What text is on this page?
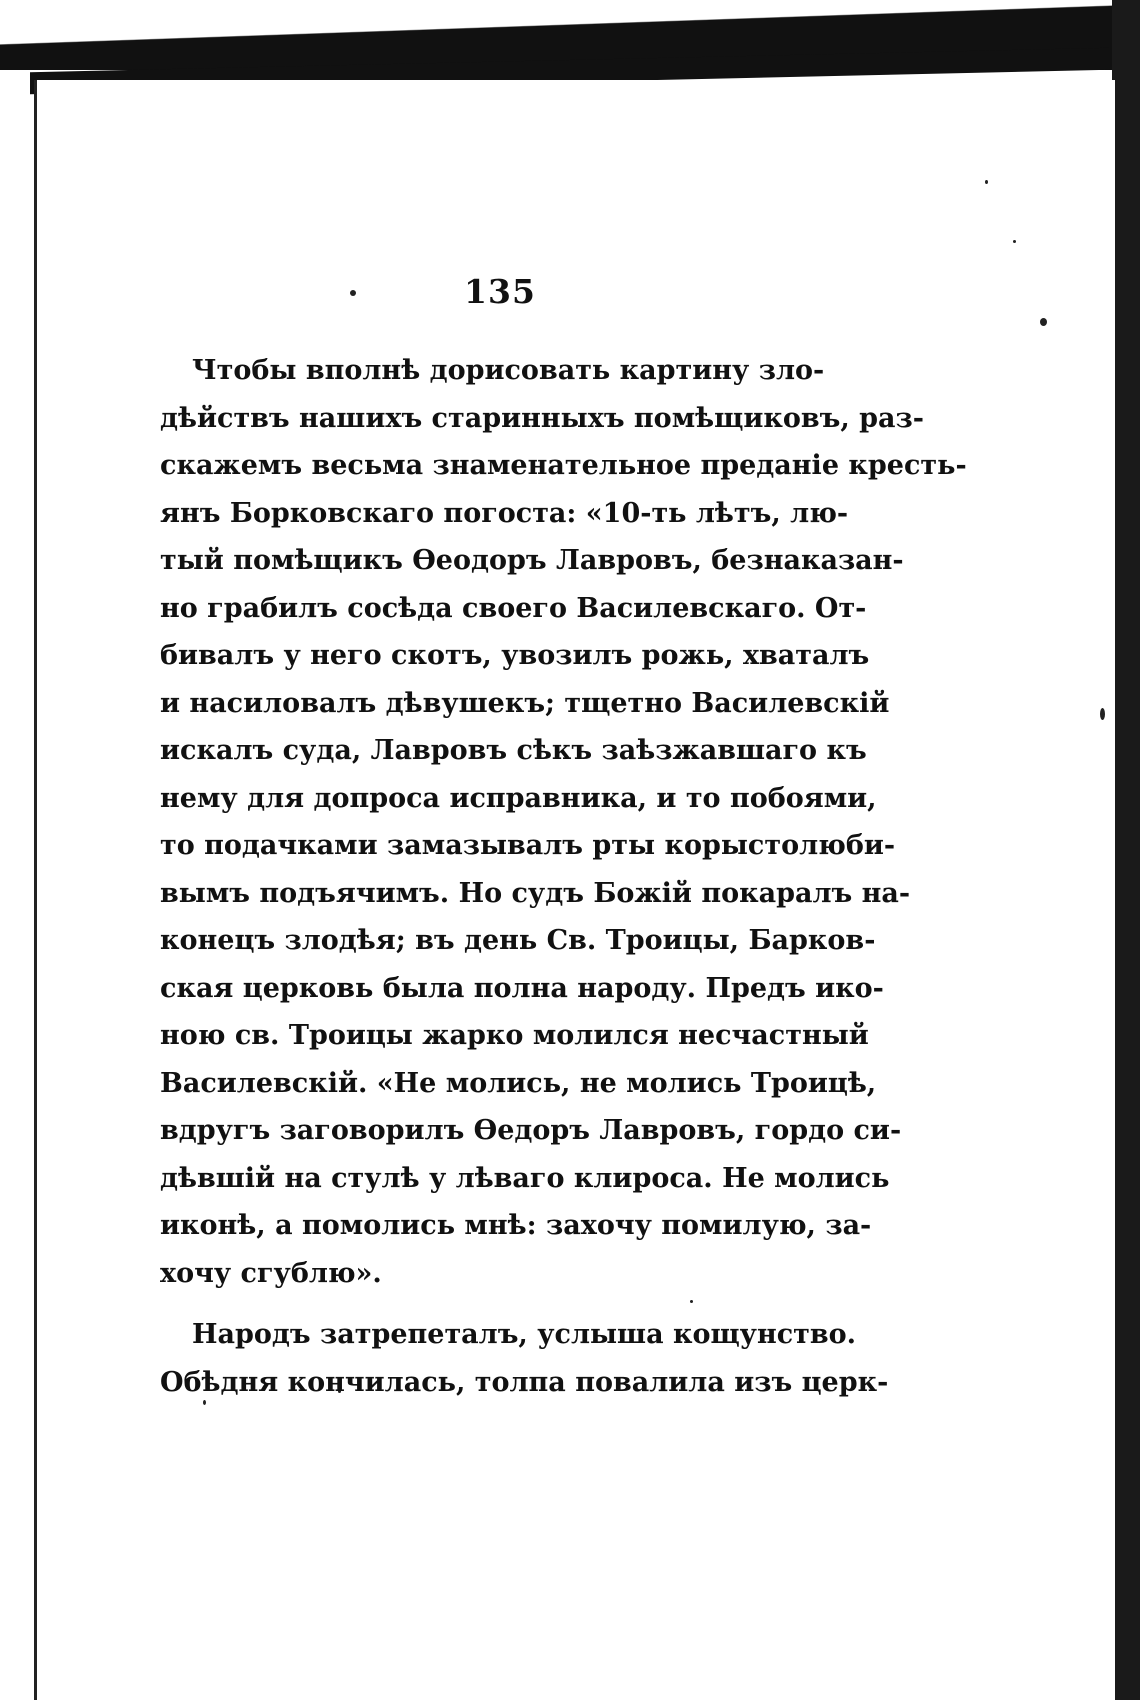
135
Чтобы вполнѣ дорисовать картину зло-
дѣйствъ нашихъ старинныхъ помѣщиковъ, раз-
скажемъ весьма знаменательное преданіе кресть-
янъ Борковскаго погоста: «10-ть лѣтъ, лю-
тый помѣщикъ Ѳеодоръ Лавровъ, безнаказан-
но грабилъ сосѣда своего Василевскаго. От-
бивалъ у него скотъ, увозилъ рожь, хваталъ
и насиловалъ дѣвушекъ; тщетно Василевскій
искалъ суда, Лавровъ сѣкъ заѣзжавшаго къ
нему для допроса исправника, и то побоями,
то подачками замазывалъ рты корыстолюби-
вымъ подъячимъ. Но судъ Божій покаралъ на-
конецъ злодѣя; въ день Св. Троицы, Барков-
ская церковь была полна народу. Предъ ико-
ною св. Троицы жарко молился несчастный
Василевскій. «Не молись, не молись Троицѣ,
вдругъ заговорилъ Ѳедоръ Лавровъ, гордо си-
дѣвшій на стулѣ у лѣваго клироса. Не молись
иконѣ, а помолись мнѣ: захочу помилую, за-
хочу сгублю».
Народъ затрепеталъ, услыша кощунство.
Обѣдня кончилась, толпа повалила изъ церк-
